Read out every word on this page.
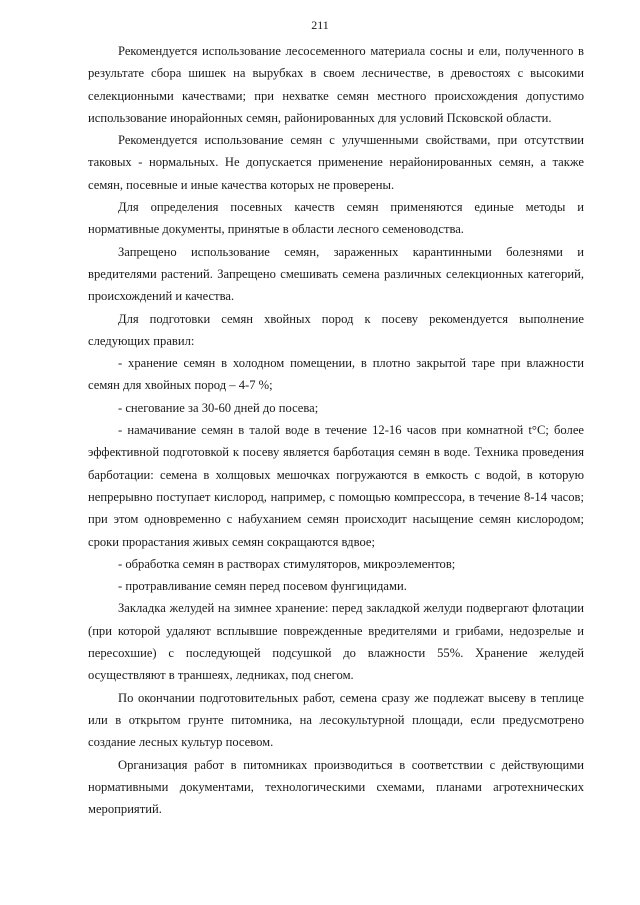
211

Рекомендуется использование лесосеменного материала сосны и ели, полученного в результате сбора шишек на вырубках в своем лесничестве, в древостоях с высокими селекционными качествами; при нехватке семян местного происхождения допустимо использование инорайонных семян, районированных для условий Псковской области.

Рекомендуется использование семян с улучшенными свойствами, при отсутствии таковых - нормальных. Не допускается применение нерайонированных семян, а также семян, посевные и иные качества которых не проверены.

Для определения посевных качеств семян применяются единые методы и нормативные документы, принятые в области лесного семеноводства.

Запрещено использование семян, зараженных карантинными болезнями и вредителями растений. Запрещено смешивать семена различных селекционных категорий, происхождений и качества.

Для подготовки семян хвойных пород к посеву рекомендуется выполнение следующих правил:

- хранение семян в холодном помещении, в плотно закрытой таре при влажности семян для хвойных пород – 4-7 %;

- снегование за 30-60 дней до посева;

- намачивание семян в талой воде в течение 12-16 часов при комнатной t°C; более эффективной подготовкой к посеву является барботация семян в воде. Техника проведения барботации: семена в холщовых мешочках погружаются в емкость с водой, в которую непрерывно поступает кислород, например, с помощью компрессора, в течение 8-14 часов; при этом одновременно с набуханием семян происходит насыщение семян кислородом; сроки прорастания живых семян сокращаются вдвое;

- обработка семян в растворах стимуляторов, микроэлементов;

- протравливание семян перед посевом фунгицидами.

Закладка желудей на зимнее хранение: перед закладкой желуди подвергают флотации (при которой удаляют всплывшие поврежденные вредителями и грибами, недозрелые и пересохшие) с последующей подсушкой до влажности 55%. Хранение желудей осуществляют в траншеях, ледниках, под снегом.

По окончании подготовительных работ, семена сразу же подлежат высеву в теплице или в открытом грунте питомника, на лесокультурной площади, если предусмотрено создание лесных культур посевом.

Организация работ в питомниках производиться в соответствии с действующими нормативными документами, технологическими схемами, планами агротехнических мероприятий.
